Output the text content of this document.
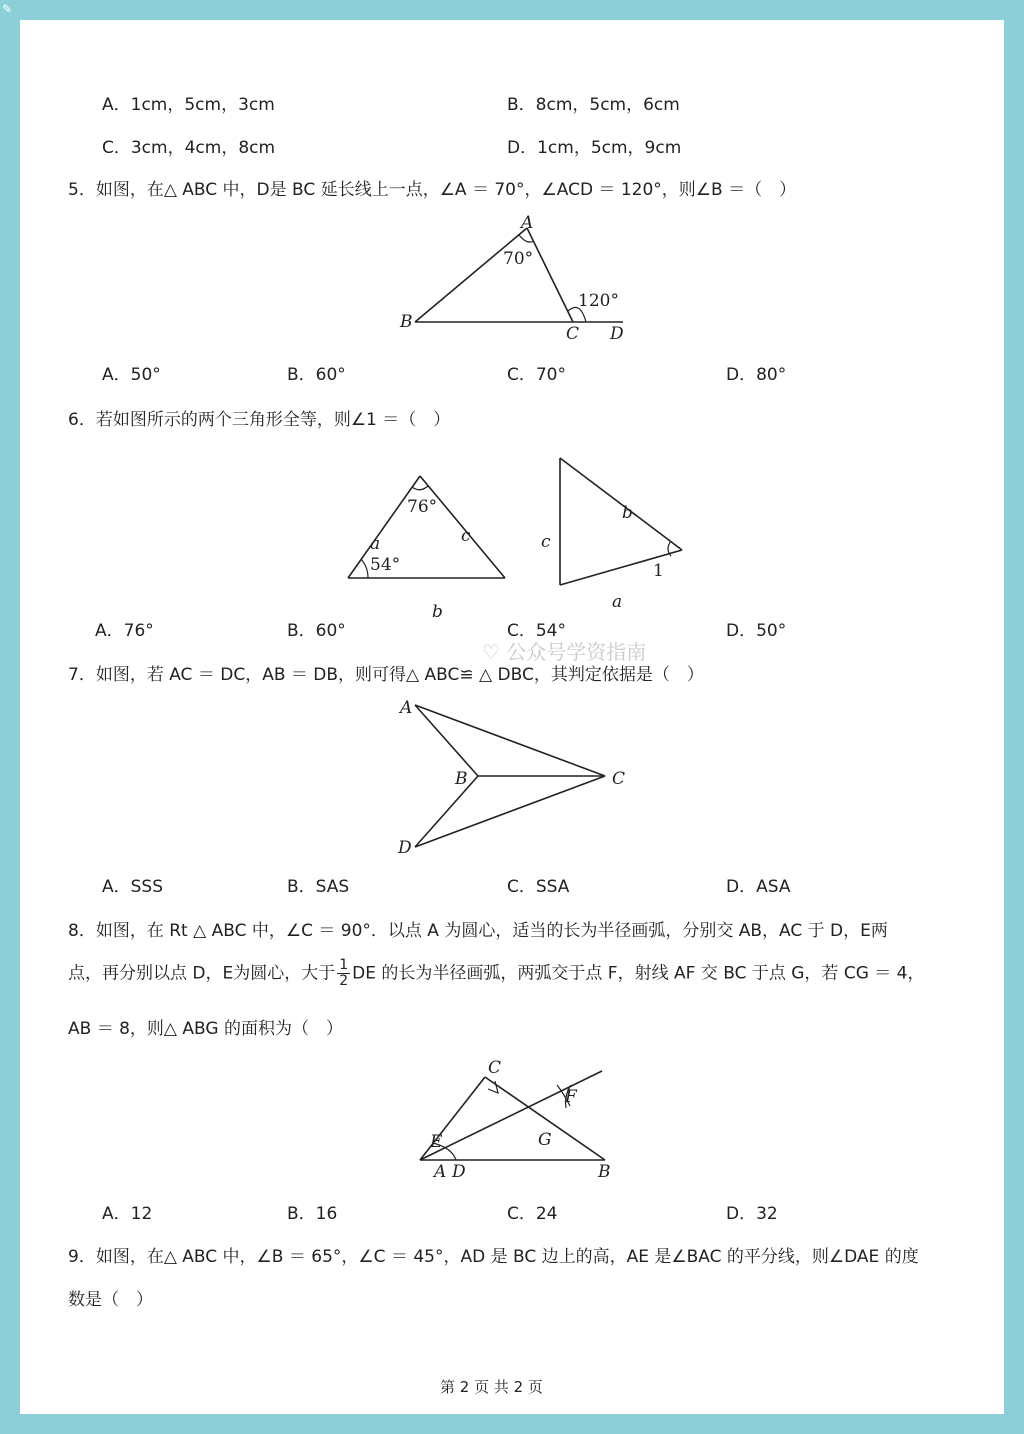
✎
A．1cm，5cm，3cm	B．8cm，5cm，6cm
C．3cm，4cm，8cm	D．1cm，5cm，9cm
5．如图，在△ ABC 中，D是 BC 延长线上一点，∠A ＝ 70°，∠ACD ＝ 120°，则∠B ＝（　）
A
B
C D
70°
120°
A．50°	B．60°	C．70°	D．80°
6．若如图所示的两个三角形全等，则∠1 ＝（　）
76°
54°
a	c
b
c
b
a
1
A．76°	B．60°	C．54°	D．50°
♡ 公众号学资指南
7．如图，若 AC ＝ DC，AB ＝ DB，则可得△ ABC≌ △ DBC，其判定依据是（　）
A
B	C
D
A．SSS	B．SAS	C．SSA	D．ASA
8．如图，在 Rt △ ABC 中，∠C ＝ 90°．以点 A 为圆心，适当的长为半径画弧，分别交 AB，AC 于 D，E两
点，再分别以点 D，E为圆心，大于 $\frac{1}{2}$ DE 的长为半径画弧，两弧交于点 F，射线 AF 交 BC 于点 G，若 CG ＝ 4，
AB ＝ 8，则△ ABG 的面积为（　）
C
E	G
F
A D	B
A．12	B．16	C．24	D．32
9．如图，在△ ABC 中，∠B ＝ 65°，∠C ＝ 45°，AD 是 BC 边上的高，AE 是∠BAC 的平分线，则∠DAE 的度
数是（　）
第 2 页 共 2 页
